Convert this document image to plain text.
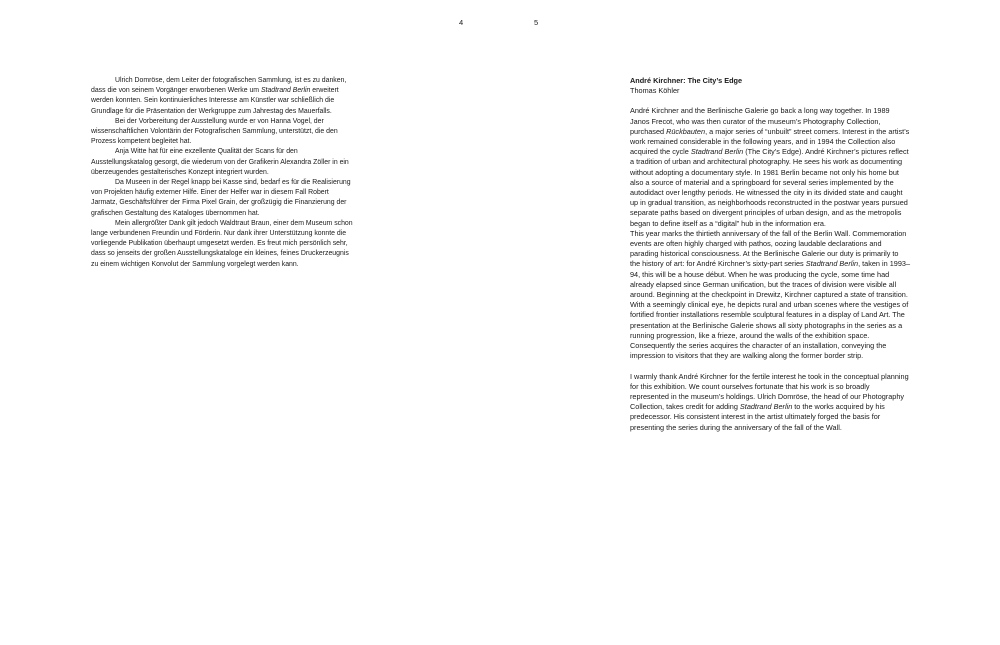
4	5

Ulrich Domröse, dem Leiter der fotografischen Sammlung, ist es zu danken, dass die von seinem Vorgänger erworbenen Werke um Stadtrand Berlin erweitert werden konnten. Sein kontinuierliches Interesse am Künstler war schließlich die Grundlage für die Präsentation der Werkgruppe zum Jahrestag des Mauerfalls.

Bei der Vorbereitung der Ausstellung wurde er von Hanna Vogel, der wissenschaftlichen Volontärin der Fotografischen Sammlung, unterstützt, die den Prozess kompetent begleitet hat.

Anja Witte hat für eine exzellente Qualität der Scans für den Ausstellungskatalog gesorgt, die wiederum von der Grafikerin Alexandra Zöller in ein überzeugendes gestalterisches Konzept integriert wurden.

Da Museen in der Regel knapp bei Kasse sind, bedarf es für die Realisierung von Projekten häufig externer Hilfe. Einer der Helfer war in diesem Fall Robert Jarmatz, Geschäftsführer der Firma Pixel Grain, der großzügig die Finanzierung der grafischen Gestaltung des Kataloges übernommen hat.

Mein allergrößter Dank gilt jedoch Waldtraut Braun, einer dem Museum schon lange verbundenen Freundin und Förderin. Nur dank ihrer Unterstützung konnte die vorliegende Publikation überhaupt umgesetzt werden. Es freut mich persönlich sehr, dass so jenseits der großen Ausstellungskataloge ein kleines, feines Druckerzeugnis zu einem wichtigen Konvolut der Sammlung vorgelegt werden kann.

André Kirchner: The City’s Edge

Thomas Köhler

André Kirchner and the Berlinische Galerie go back a long way together. In 1989 Janos Frecot, who was then curator of the museum’s Photography Collection, purchased Rückbauten, a major series of “unbuilt” street corners. Interest in the artist’s work remained considerable in the following years, and in 1994 the Collection also acquired the cycle Stadtrand Berlin (The City’s Edge). André Kirchner’s pictures reflect a tradition of urban and architectural photography. He sees his work as documenting without adopting a documentary style. In 1981 Berlin became not only his home but also a source of material and a springboard for several series implemented by the autodidact over lengthy periods. He witnessed the city in its divided state and caught up in gradual transition, as neighborhoods reconstructed in the postwar years pursued separate paths based on divergent principles of urban design, and as the metropolis began to define itself as a “digital” hub in the information era.

This year marks the thirtieth anniversary of the fall of the Berlin Wall. Commemoration events are often highly charged with pathos, oozing laudable declarations and parading historical consciousness. At the Berlinische Galerie our duty is primarily to the history of art: for André Kirchner’s sixty-part series Stadtrand Berlin, taken in 1993–94, this will be a house début. When he was producing the cycle, some time had already elapsed since German unification, but the traces of division were visible all around. Beginning at the checkpoint in Drewitz, Kirchner captured a state of transition. With a seemingly clinical eye, he depicts rural and urban scenes where the vestiges of fortified frontier installations resemble sculptural features in a display of Land Art. The presentation at the Berlinische Galerie shows all sixty photographs in the series as a running progression, like a frieze, around the walls of the exhibition space. Consequently the series acquires the character of an installation, conveying the impression to visitors that they are walking along the former border strip.

I warmly thank André Kirchner for the fertile interest he took in the conceptual planning for this exhibition. We count ourselves fortunate that his work is so broadly represented in the museum’s holdings. Ulrich Domröse, the head of our Photography Collection, takes credit for adding Stadtrand Berlin to the works acquired by his predecessor. His consistent interest in the artist ultimately forged the basis for presenting the series during the anniversary of the fall of the Wall.
